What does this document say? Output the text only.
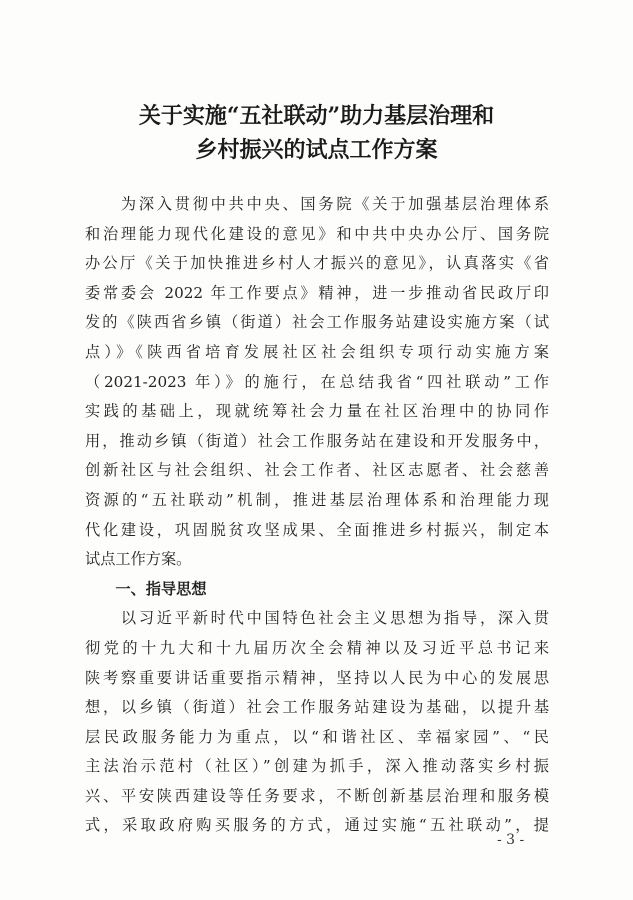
关于实施“五社联动”助力基层治理和
乡村振兴的试点工作方案
　　为深入贯彻中共中央、国务院《关于加强基层治理体系
和治理能力现代化建设的意见》和中共中央办公厅、国务院
办公厅《关于加快推进乡村人才振兴的意见》，认真落实《省
委常委会 2022 年工作要点》精神，进一步推动省民政厅印
发的《陕西省乡镇（街道）社会工作服务站建设实施方案（试
点）》《陕西省培育发展社区社会组织专项行动实施方案
（2021-2023 年）》的施行，在总结我省“四社联动”工作
实践的基础上，现就统筹社会力量在社区治理中的协同作
用，推动乡镇（街道）社会工作服务站在建设和开发服务中，
创新社区与社会组织、社会工作者、社区志愿者、社会慈善
资源的“五社联动”机制，推进基层治理体系和治理能力现
代化建设，巩固脱贫攻坚成果、全面推进乡村振兴，制定本
试点工作方案。
　　一、指导思想
　　以习近平新时代中国特色社会主义思想为指导，深入贯
彻党的十九大和十九届历次全会精神以及习近平总书记来
陕考察重要讲话重要指示精神，坚持以人民为中心的发展思
想，以乡镇（街道）社会工作服务站建设为基础，以提升基
层民政服务能力为重点，以“和谐社区、幸福家园”、“民
主法治示范村（社区）”创建为抓手，深入推动落实乡村振
兴、平安陕西建设等任务要求，不断创新基层治理和服务模
式，采取政府购买服务的方式，通过实施“五社联动”，提
- 3 -
